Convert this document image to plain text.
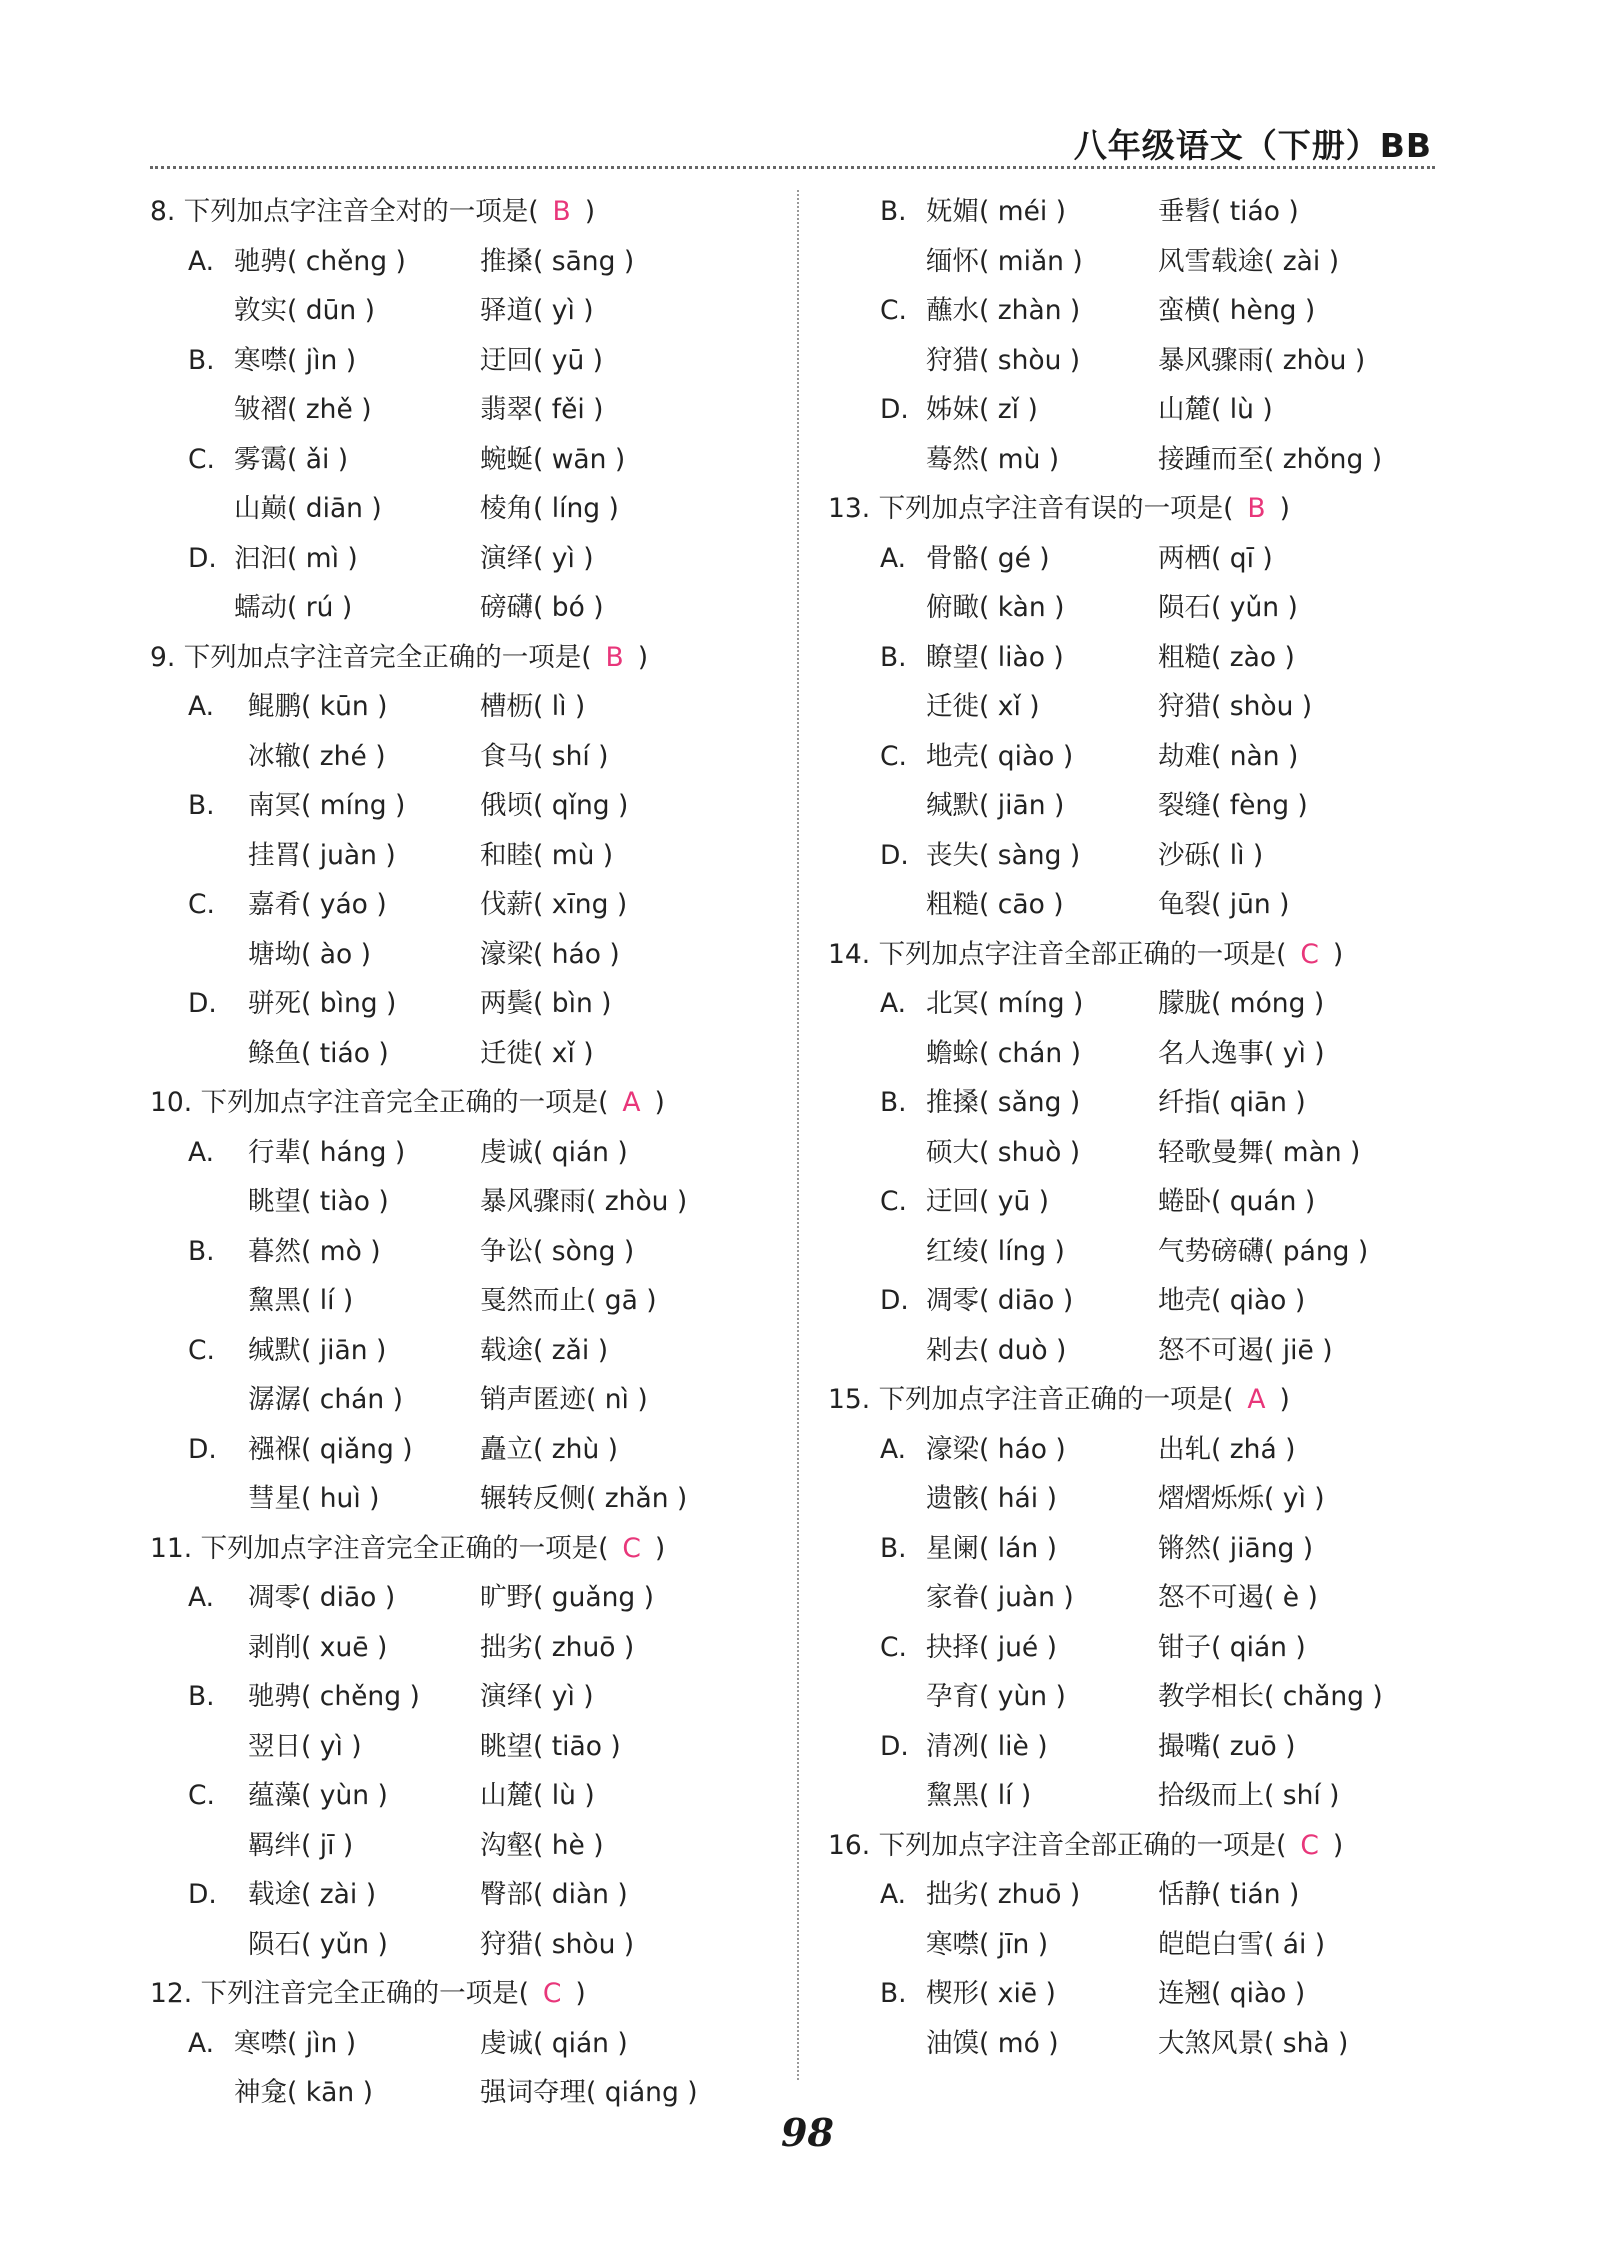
八年级语文（下册）BB
8. 下列加点字注音全对的一项是( B )
A. 驰骋( chěng )	推搡( sāng )
敦实( dūn )	驿道( yì )
B. 寒噤( jìn )	迂回( yū )
皱褶( zhě )	翡翠( fěi )
C. 雾霭( ǎi )	蜿蜒( wān )
山巅( diān )	棱角( líng )
D. 汩汩( mì )	演绎( yì )
蠕动( rú )	磅礴( bó )
9. 下列加点字注音完全正确的一项是( B )
A.	鲲鹏( kūn )	槽枥( lì )
冰辙( zhé )	食马( shí )
B.	南冥( míng )	俄顷( qǐng )
挂罥( juàn )	和睦( mù )
C.	嘉肴( yáo )	伐薪( xīng )
塘坳( ào )	濠梁( háo )
D.	骈死( bìng )	两鬓( bìn )
鲦鱼( tiáo )	迁徙( xǐ )
10. 下列加点字注音完全正确的一项是( A )
A.	行辈( háng )	虔诚( qián )
眺望( tiào )	暴风骤雨( zhòu )
B.	暮然( mò )	争讼( sòng )
黧黑( lí )	戛然而止( gā )
C.	缄默( jiān )	载途( zǎi )
潺潺( chán )	销声匿迹( nì )
D.	襁褓( qiǎng )	矗立( zhù )
彗星( huì )	辗转反侧( zhǎn )
11. 下列加点字注音完全正确的一项是( C )
A.	凋零( diāo )	旷野( guǎng )
剥削( xuē )	拙劣( zhuō )
B.	驰骋( chěng ) 演绎( yì )
翌日( yì )	眺望( tiāo )
C.	蕴藻( yùn )	山麓( lù )
羁绊( jī )	沟壑( hè )
D.	载途( zài )	臀部( diàn )
陨石( yǔn )	狩猎( shòu )
12. 下列注音完全正确的一项是( C )
A. 寒噤( jìn )	虔诚( qián )
神龛( kān )	强词夺理( qiáng )
B. 妩媚( méi )	垂髫( tiáo )
缅怀( miǎn )	风雪载途( zài )
C. 蘸水( zhàn )	蛮横( hèng )
狩猎( shòu )	暴风骤雨( zhòu )
D. 姊妹( zǐ )	山麓( lù )
蓦然( mù )	接踵而至( zhǒng )
13. 下列加点字注音有误的一项是( B )
A. 骨骼( gé )	两栖( qī )
俯瞰( kàn )	陨石( yǔn )
B. 瞭望( liào )	粗糙( zào )
迁徙( xǐ )	狩猎( shòu )
C. 地壳( qiào )	劫难( nàn )
缄默( jiān )	裂缝( fèng )
D. 丧失( sàng )	沙砾( lì )
粗糙( cāo )	龟裂( jūn )
14. 下列加点字注音全部正确的一项是( C )
A. 北冥( míng )	朦胧( móng )
蟾蜍( chán )	名人逸事( yì )
B. 推搡( sǎng )	纤指( qiān )
硕大( shuò )	轻歌曼舞( màn )
C. 迂回( yū )	蜷卧( quán )
红绫( líng )	气势磅礴( páng )
D. 凋零( diāo )	地壳( qiào )
剁去( duò )	怒不可遏( jiē )
15. 下列加点字注音正确的一项是( A )
A. 濠梁( háo )	出轧( zhá )
遗骸( hái )	熠熠烁烁( yì )
B. 星阑( lán )	锵然( jiāng )
家眷( juàn )	怒不可遏( è )
C. 抉择( jué )	钳子( qián )
孕育( yùn )	教学相长( chǎng )
D. 清冽( liè )	撮嘴( zuō )
黧黑( lí )	拾级而上( shí )
16. 下列加点字注音全部正确的一项是( C )
A. 拙劣( zhuō )	恬静( tián )
寒噤( jīn )	皑皑白雪( ái )
B. 楔形( xiē )	连翘( qiào )
油馍( mó )	大煞风景( shà )
98
